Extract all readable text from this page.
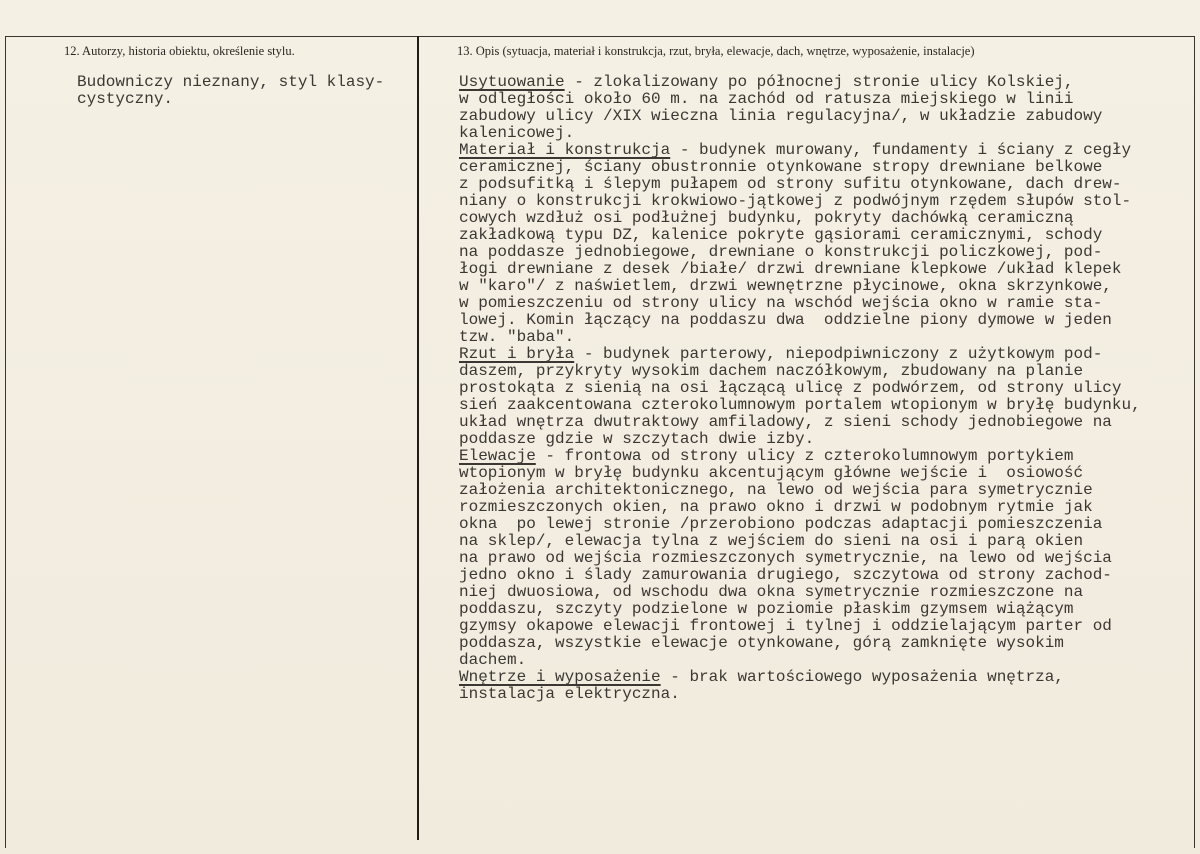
12. Autorzy, historia obiektu, określenie stylu.	13. Opis (sytuacja, materiał i konstrukcja, rzut, bryła, elewacje, dach, wnętrze, wyposażenie, instalacje)
Budowniczy nieznany, styl klasy-
cystyczny.
Usytuowanie - zlokalizowany po północnej stronie ulicy Kolskiej,
w odległości około 60 m. na zachód od ratusza miejskiego w linii
zabudowy ulicy /XIX wieczna linia regulacyjna/, w układzie zabudowy
kalenicowej.
Materiał i konstrukcja - budynek murowany, fundamenty i ściany z cegły
ceramicznej, ściany obustronnie otynkowane stropy drewniane belkowe
z podsufitką i ślepym pułapem od strony sufitu otynkowane, dach drew-
niany o konstrukcji krokwiowo-jątkowej z podwójnym rzędem słupów stol-
cowych wzdłuż osi podłużnej budynku, pokryty dachówką ceramiczną
zakładkową typu DZ, kalenice pokryte gąsiorami ceramicznymi, schody
na poddasze jednobiegowe, drewniane o konstrukcji policzkowej, pod-
łogi drewniane z desek /białe/ drzwi drewniane klepkowe /układ klepek
w "karo"/ z naświetlem, drzwi wewnętrzne płycinowe, okna skrzynkowe,
w pomieszczeniu od strony ulicy na wschód wejścia okno w ramie sta-
lowej. Komin łączący na poddaszu dwa  oddzielne piony dymowe w jeden
tzw. "baba".
Rzut i bryła - budynek parterowy, niepodpiwniczony z użytkowym pod-
daszem, przykryty wysokim dachem naczółkowym, zbudowany na planie
prostokąta z sienią na osi łączącą ulicę z podwórzem, od strony ulicy
sień zaakcentowana czterokolumnowym portalem wtopionym w bryłę budynku,
układ wnętrza dwutraktowy amfiladowy, z sieni schody jednobiegowe na
poddasze gdzie w szczytach dwie izby.
Elewacje - frontowa od strony ulicy z czterokolumnowym portykiem
wtopionym w bryłę budynku akcentującym główne wejście i  osiowość
założenia architektonicznego, na lewo od wejścia para symetrycznie
rozmieszczonych okien, na prawo okno i drzwi w podobnym rytmie jak
okna  po lewej stronie /przerobiono podczas adaptacji pomieszczenia
na sklep/, elewacja tylna z wejściem do sieni na osi i parą okien
na prawo od wejścia rozmieszczonych symetrycznie, na lewo od wejścia
jedno okno i ślady zamurowania drugiego, szczytowa od strony zachod-
niej dwuosiowa, od wschodu dwa okna symetrycznie rozmieszczone na
poddaszu, szczyty podzielone w poziomie płaskim gzymsem wiążącym
gzymsy okapowe elewacji frontowej i tylnej i oddzielającym parter od
poddasza, wszystkie elewacje otynkowane, górą zamknięte wysokim
dachem.
Wnętrze i wyposażenie - brak wartościowego wyposażenia wnętrza,
instalacja elektryczna.
